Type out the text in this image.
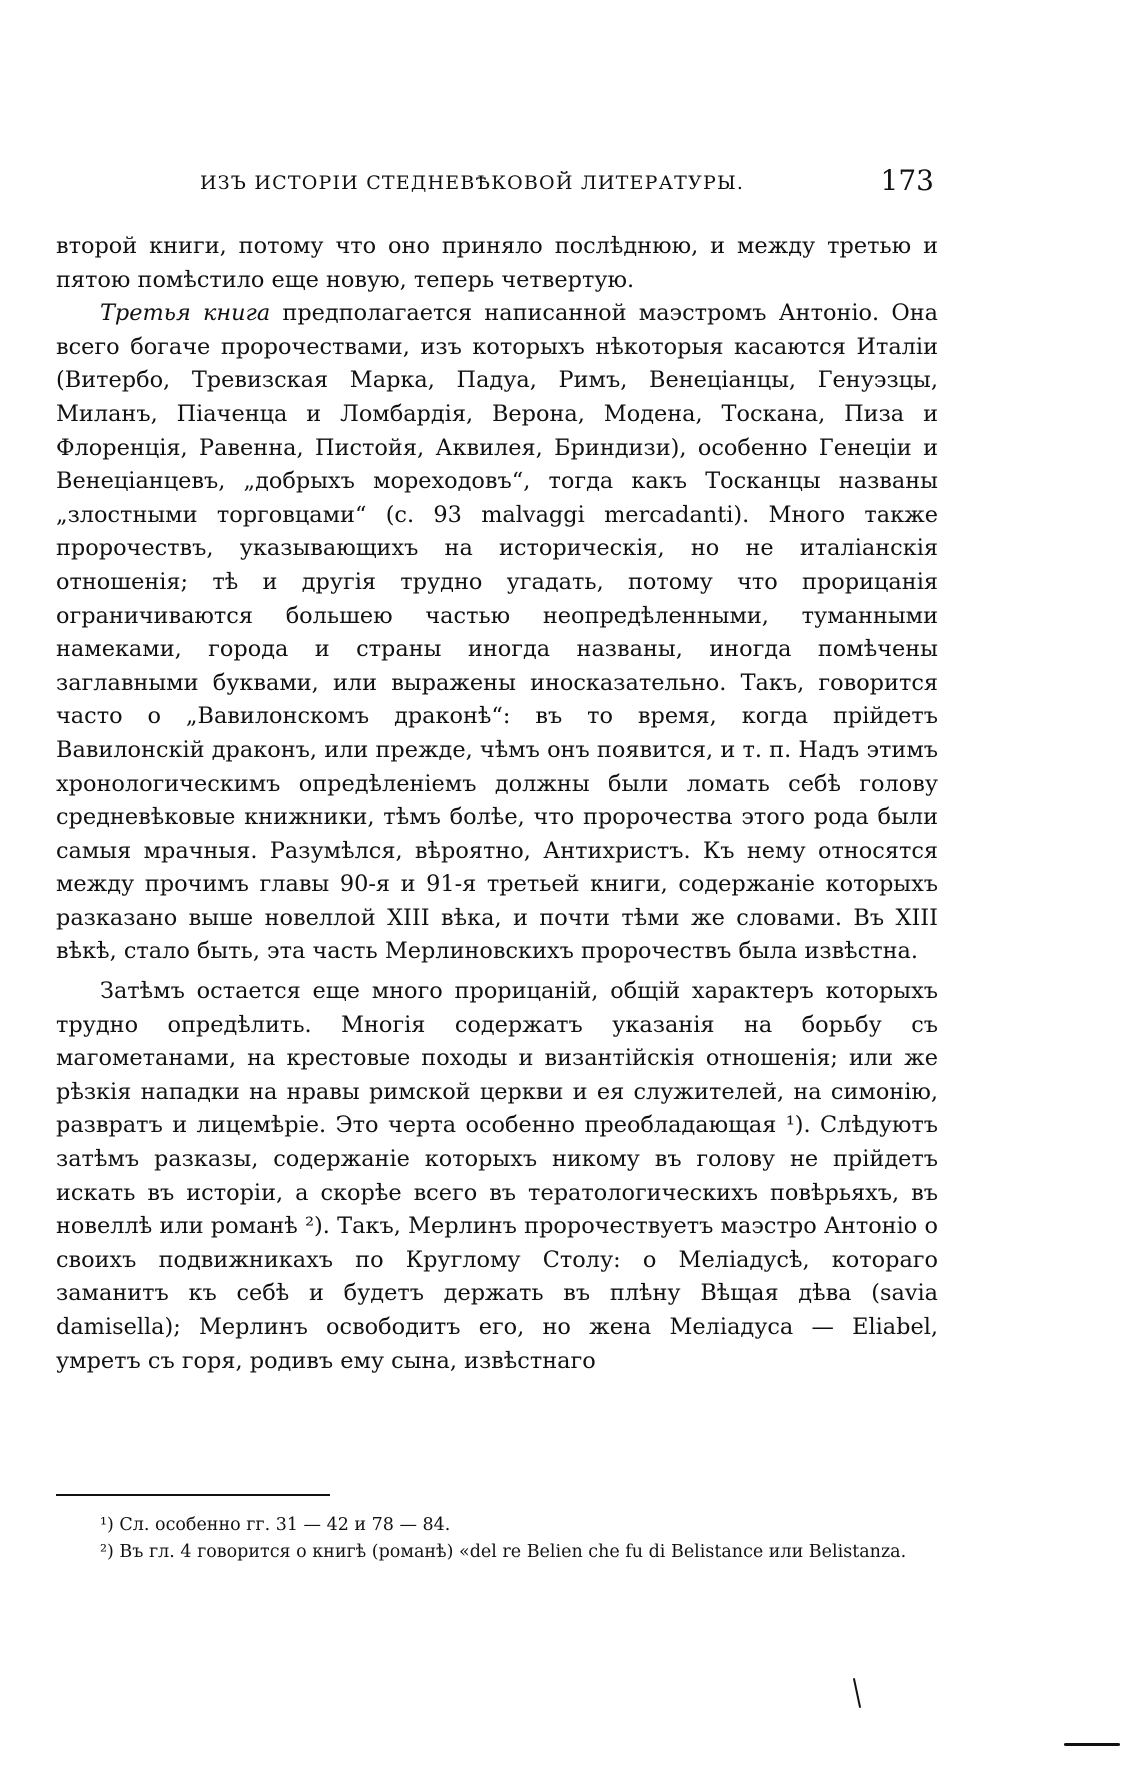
ИЗЪ ИСТОРІИ СТЕДНЕВѢКОВОЙ ЛИТЕРАТУРЫ.	173

второй книги, потому что оно приняло послѣднюю, и между третью и пятою помѣстило еще новую, теперь четвертую.

Третья книга предполагается написанной маэстромъ Антоніо. Она всего богаче пророчествами, изъ которыхъ нѣкоторыя касаются Италіи (Витербо, Тревизская Марка, Падуа, Римъ, Венеціанцы, Генуэзцы, Миланъ, Піаченца и Ломбардія, Верона, Модена, Тоскана, Пиза и Флоренція, Равенна, Пистойя, Аквилея, Бриндизи), особенно Генеціи и Венеціанцевъ, „добрыхъ мореходовъ“, тогда какъ Тосканцы названы „злостными торговцами“ (с. 93 malvaggi mercadanti). Много также пророчествъ, указывающихъ на историческія, но не италіанскія отношенія; тѣ и другія трудно угадать, потому что прорицанія ограничиваются большею частью неопредѣленными, туманными намеками, города и страны иногда названы, иногда помѣчены заглавными буквами, или выражены иносказательно. Такъ, говорится часто о „Вавилонскомъ драконѣ“: въ то время, когда прійдетъ Вавилонскій драконъ, или прежде, чѣмъ онъ появится, и т. п. Надъ этимъ хронологическимъ опредѣленіемъ должны были ломать себѣ голову средневѣковые книжники, тѣмъ болѣе, что пророчества этого рода были самыя мрачныя. Разумѣлся, вѣроятно, Антихристъ. Къ нему относятся между прочимъ главы 90-я и 91-я третьей книги, содержаніе которыхъ разказано выше новеллой XIII вѣка, и почти тѣми же словами. Въ XIII вѣкѣ, стало быть, эта часть Мерлиновскихъ пророчествъ была извѣстна.

Затѣмъ остается еще много прорицаній, общій характеръ которыхъ трудно опредѣлить. Многія содержатъ указанія на борьбу съ магометанами, на крестовые походы и византійскія отношенія; или же рѣзкія нападки на нравы римской церкви и ея служителей, на симонію, развратъ и лицемѣріе. Это черта особенно преобладающая ¹). Слѣдуютъ затѣмъ разказы, содержаніе которыхъ никому въ голову не прійдетъ искать въ исторіи, а скорѣе всего въ тератологическихъ повѣрьяхъ, въ новеллѣ или романѣ ²). Такъ, Мерлинъ пророчествуетъ маэстро Антоніо о своихъ подвижникахъ по Круглому Столу: о Меліадусѣ, котораго заманитъ къ себѣ и будетъ держать въ плѣну Вѣщая дѣва (savia damisella); Мерлинъ освободитъ его, но жена Меліадуса — Eliabel, умретъ съ горя, родивъ ему сына, извѣстнаго

¹) Сл. особенно гг. 31 — 42 и 78 — 84.

²) Въ гл. 4 говорится о книгѣ (романѣ) «del re Belien che fu di Belistance или Belistanza.
